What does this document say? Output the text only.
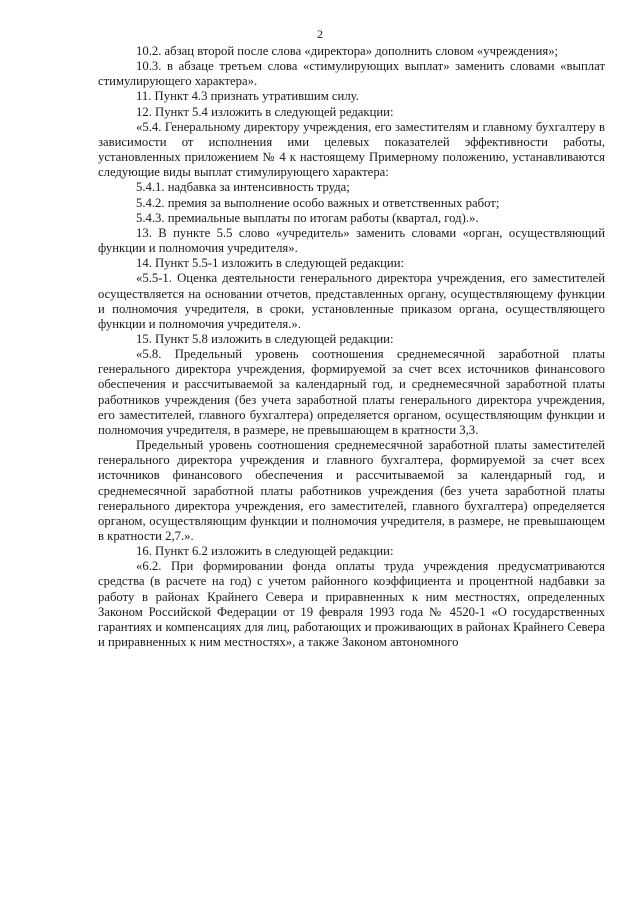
2

10.2. абзац второй после слова «директора» дополнить словом «учреждения»;

10.3. в абзаце третьем слова «стимулирующих выплат» заменить словами «выплат стимулирующего характера».

11. Пункт 4.3 признать утратившим силу.

12. Пункт 5.4 изложить в следующей редакции:

«5.4. Генеральному директору учреждения, его заместителям и главному бухгалтеру в зависимости от исполнения ими целевых показателей эффективности работы, установленных приложением № 4 к настоящему Примерному положению, устанавливаются следующие виды выплат стимулирующего характера:

5.4.1. надбавка за интенсивность труда;

5.4.2. премия за выполнение особо важных и ответственных работ;

5.4.3. премиальные выплаты по итогам работы (квартал, год).».

13. В пункте 5.5 слово «учредитель» заменить словами «орган, осуществляющий функции и полномочия учредителя».

14. Пункт 5.5-1 изложить в следующей редакции:

«5.5-1. Оценка деятельности генерального директора учреждения, его заместителей осуществляется на основании отчетов, представленных органу, осуществляющему функции и полномочия учредителя, в сроки, установленные приказом органа, осуществляющего функции и полномочия учредителя.».

15. Пункт 5.8 изложить в следующей редакции:

«5.8. Предельный уровень соотношения среднемесячной заработной платы генерального директора учреждения, формируемой за счет всех источников финансового обеспечения и рассчитываемой за календарный год, и среднемесячной заработной платы работников учреждения (без учета заработной платы генерального директора учреждения, его заместителей, главного бухгалтера) определяется органом, осуществляющим функции и полномочия учредителя, в размере, не превышающем в кратности 3,3.

Предельный уровень соотношения среднемесячной заработной платы заместителей генерального директора учреждения и главного бухгалтера, формируемой за счет всех источников финансового обеспечения и рассчитываемой за календарный год, и среднемесячной заработной платы работников учреждения (без учета заработной платы генерального директора учреждения, его заместителей, главного бухгалтера) определяется органом, осуществляющим функции и полномочия учредителя, в размере, не превышающем в кратности 2,7.».

16. Пункт 6.2 изложить в следующей редакции:

«6.2. При формировании фонда оплаты труда учреждения предусматриваются средства (в расчете на год) с учетом районного коэффициента и процентной надбавки за работу в районах Крайнего Севера и приравненных к ним местностях, определенных Законом Российской Федерации от 19 февраля 1993 года № 4520-1 «О государственных гарантиях и компенсациях для лиц, работающих и проживающих в районах Крайнего Севера и приравненных к ним местностях», а также Законом автономного
